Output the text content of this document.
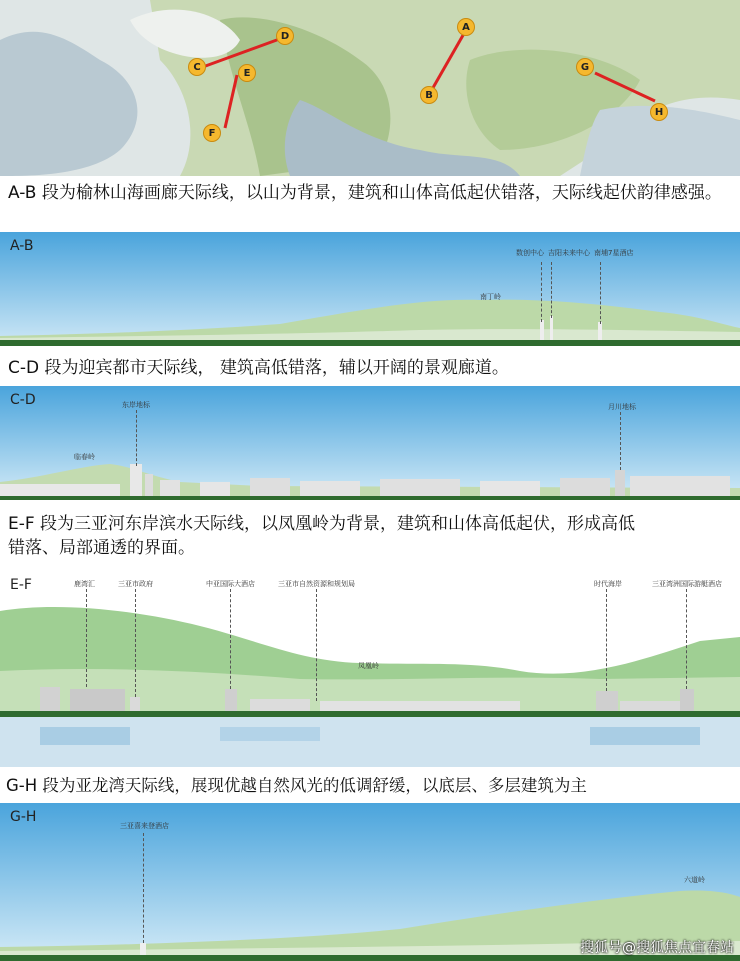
A
B
C
D
E
F
G
H
A-B 段为榆林山海画廊天际线，以山为背景，建筑和山体高低起伏错落，天际线起伏韵律感强。
A-B	数创中心 吉阳未来中心 南埔7星酒店
南丁岭
C-D 段为迎宾都市天际线， 建筑高低错落，辅以开阔的景观廊道。
C-D	东岸地标	月川地标
临春岭
E-F 段为三亚河东岸滨水天际线，以凤凰岭为背景，建筑和山体高低起伏，形成高低错落、局部通透的界面。
E-F	鹿湾汇	三亚市政府	中亚国际大酒店	三亚市自然资源和规划局	时代海岸	三亚湾洲国际游艇酒店
凤凰岭
G-H 段为亚龙湾天际线，展现优越自然风光的低调舒缓，以底层、多层建筑为主
G-H
三亚喜来登酒店
六道岭
搜狐号@搜狐焦点宜春站
